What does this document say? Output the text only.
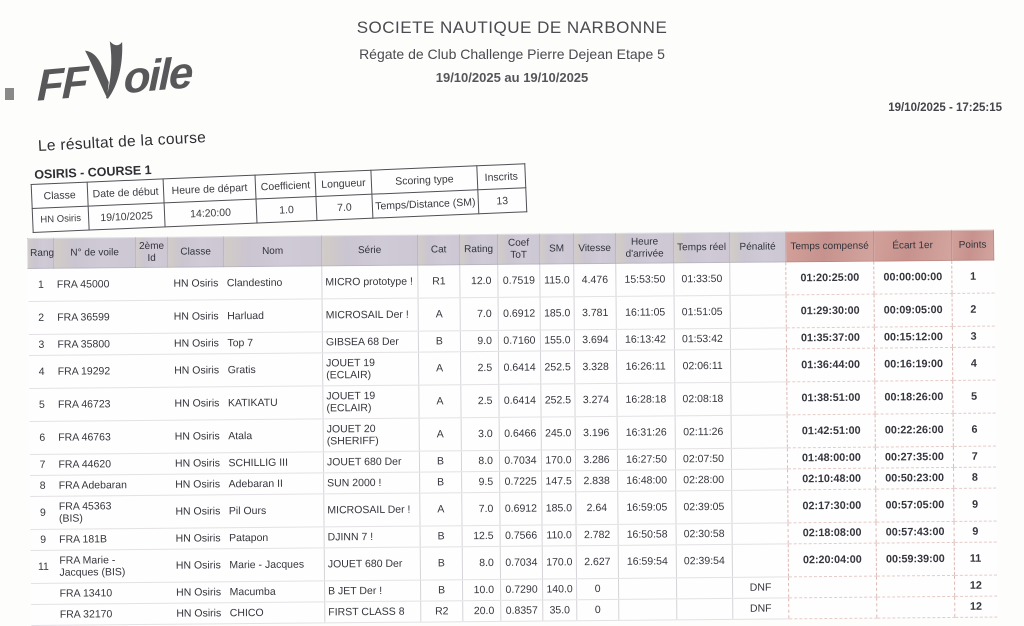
FF oile
SOCIETE NAUTIQUE DE NARBONNE
Régate de Club Challenge Pierre Dejean Etape 5
19/10/2025 au 19/10/2025
19/10/2025 - 17:25:15
Le résultat de la course
OSIRIS - COURSE 1
Classe	Date de début	Heure de départ	Coefficient	Longueur	Scoring type	Inscrits
HN Osiris	19/10/2025	14:20:00	1.0	7.0	Temps/Distance (SM)	13
Rang	N° de voile	2ème Id	Classe	Nom	Série	Cat	Rating	Coef ToT	SM	Vitesse	Heure d'arrivée	Temps réel	Pénalité	Temps compensé	Écart 1er	Points
1	FRA 45000		HN Osiris	Clandestino	MICRO prototype !	R1	12.0	0.7519	115.0	4.476	15:53:50	01:33:50		01:20:25:00	00:00:00:00	1
2	FRA 36599		HN Osiris	Harluad	MICROSAIL Der !	A	7.0	0.6912	185.0	3.781	16:11:05	01:51:05		01:29:30:00	00:09:05:00	2
3	FRA 35800		HN Osiris	Top 7	GIBSEA 68 Der	B	9.0	0.7160	155.0	3.694	16:13:42	01:53:42		01:35:37:00	00:15:12:00	3
4	FRA 19292		HN Osiris	Gratis	JOUET 19 (ECLAIR)	A	2.5	0.6414	252.5	3.328	16:26:11	02:06:11		01:36:44:00	00:16:19:00	4
5	FRA 46723		HN Osiris	KATIKATU	JOUET 19 (ECLAIR)	A	2.5	0.6414	252.5	3.274	16:28:18	02:08:18		01:38:51:00	00:18:26:00	5
6	FRA 46763		HN Osiris	Atala	JOUET 20 (SHERIFF)	A	3.0	0.6466	245.0	3.196	16:31:26	02:11:26		01:42:51:00	00:22:26:00	6
7	FRA 44620		HN Osiris	SCHILLIG III	JOUET 680 Der	B	8.0	0.7034	170.0	3.286	16:27:50	02:07:50		01:48:00:00	00:27:35:00	7
8	FRA Adebaran		HN Osiris	Adebaran II	SUN 2000 !	B	9.5	0.7225	147.5	2.838	16:48:00	02:28:00		02:10:48:00	00:50:23:00	8
9	FRA 45363 (BIS)		HN Osiris	Pil Ours	MICROSAIL Der !	A	7.0	0.6912	185.0	2.64	16:59:05	02:39:05		02:17:30:00	00:57:05:00	9
9	FRA 181B		HN Osiris	Patapon	DJINN 7 !	B	12.5	0.7566	110.0	2.782	16:50:58	02:30:58		02:18:08:00	00:57:43:00	9
11	FRA Marie - Jacques (BIS)		HN Osiris	Marie - Jacques	JOUET 680 Der	B	8.0	0.7034	170.0	2.627	16:59:54	02:39:54		02:20:04:00	00:59:39:00	11
	FRA 13410		HN Osiris	Macumba	B JET Der !	B	10.0	0.7290	140.0	0			DNF			12
	FRA 32170		HN Osiris	CHICO	FIRST CLASS 8	R2	20.0	0.8357	35.0	0			DNF			12
